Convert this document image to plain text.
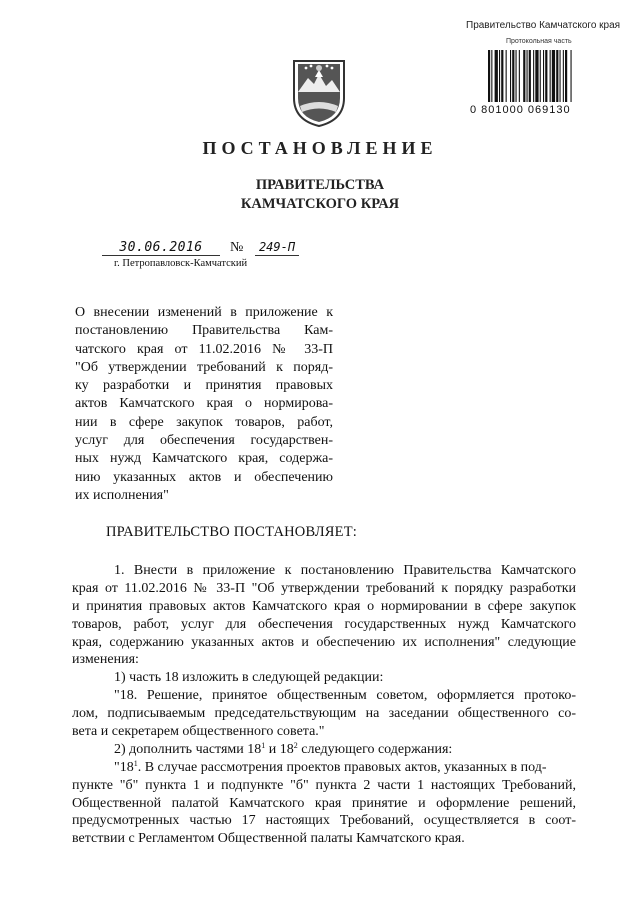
Правительство Камчатского края
Протокольная часть
0 801000 069130
ПОСТАНОВЛЕНИЕ
ПРАВИТЕЛЬСТВА
КАМЧАТСКОГО КРАЯ
30.06.2016	№	249-П
г. Петропавловск-Камчатский

О внесении изменений в приложение к

постановлению Правительства Кам-

чатского края от 11.02.2016 № 33-П

"Об утверждении требований к поряд-

ку разработки и принятия правовых

актов Камчатского края о нормирова-

нии в сфере закупок товаров, работ,

услуг для обеспечения государствен-

ных нужд Камчатского края, содержа-

нию указанных актов и обеспечению

их исполнения"

ПРАВИТЕЛЬСТВО ПОСТАНОВЛЯЕТ:
1. Внести в приложение к постановлению Правительства Камчатского
края от 11.02.2016 № 33-П "Об утверждении требований к порядку разработки
и принятия правовых актов Камчатского края о нормировании в сфере закупок
товаров, работ, услуг для обеспечения государственных нужд Камчатского
края, содержанию указанных актов и обеспечению их исполнения" следующие
изменения:
1) часть 18 изложить в следующей редакции:
"18. Решение, принятое общественным советом, оформляется протоко-
лом, подписываемым председательствующим на заседании общественного со-
вета и секретарем общественного совета."
2) дополнить частями $18^1$ и $18^2$ следующего содержания:
"$18^1$. В случае рассмотрения проектов правовых актов, указанных в под-
пункте "б" пункта 1 и подпункте "б" пункта 2 части 1 настоящих Требований,
Общественной палатой Камчатского края принятие и оформление решений,
предусмотренных частью 17 настоящих Требований, осуществляется в соот-
ветствии с Регламентом Общественной палаты Камчатского края.
